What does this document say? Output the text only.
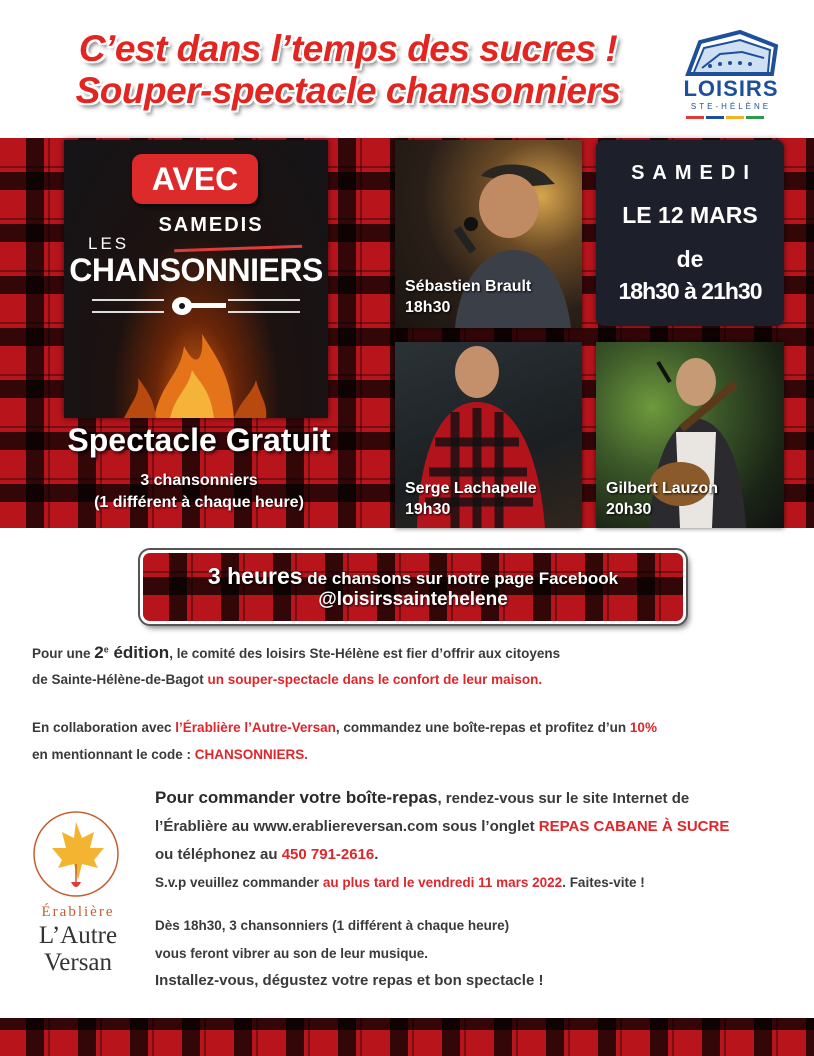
C’est dans l’temps des sucres !
Souper-spectacle chansonniers	LOISIRS
STE-HÉLÈNE
AVEC
SAMEDIS
LES
CHANSONNIERS
Spectacle Gratuit
3 chansonniers
(1 différent à chaque heure)
Sébastien Brault
18h30
Serge Lachapelle
19h30
Gilbert Lauzon
20h30
SAMEDI
LE 12 MARS
de
18h30 à 21h30
3 heures de chansons sur notre page Facebook
@loisirssaintehelene
Pour une 2e édition, le comité des loisirs Ste-Hélène est fier d’offrir aux citoyens
de Sainte-Hélène-de-Bagot un souper-spectacle dans le confort de leur maison.
En collaboration avec l’Érablière l’Autre-Versan, commandez une boîte-repas et profitez d’un 10%
en mentionnant le code : CHANSONNIERS.
Érablière
L’Autre
Versan
Pour commander votre boîte-repas, rendez-vous sur le site Internet de
l’Érablière au www.erabliereversan.com sous l’onglet REPAS CABANE À SUCRE
ou téléphonez au 450 791-2616.
S.v.p veuillez commander au plus tard le vendredi 11 mars 2022. Faites-vite !
Dès 18h30, 3 chansonniers (1 différent à chaque heure)
vous feront vibrer au son de leur musique.
Installez-vous, dégustez votre repas et bon spectacle !
